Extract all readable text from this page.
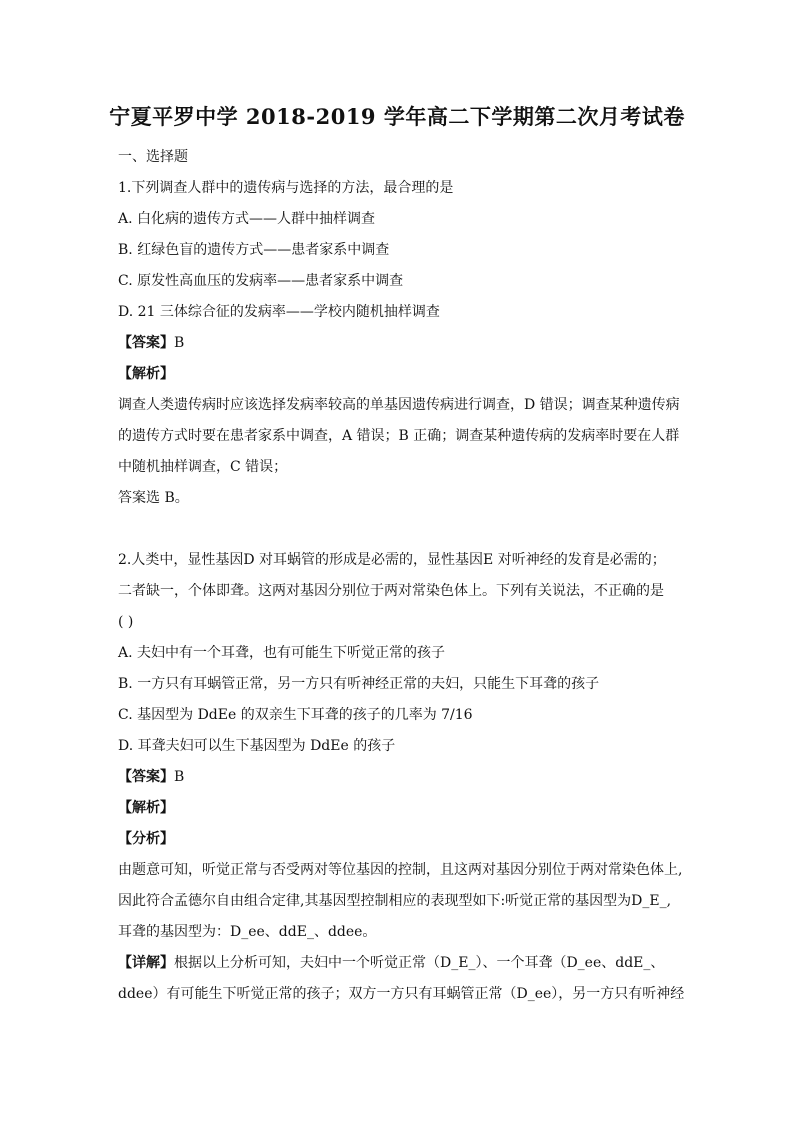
宁夏平罗中学 2018-2019 学年高二下学期第二次月考试卷
一、选择题
1.下列调查人群中的遗传病与选择的方法，最合理的是
A. 白化病的遗传方式——人群中抽样调查
B. 红绿色盲的遗传方式——患者家系中调查
C. 原发性高血压的发病率——患者家系中调查
D. 21 三体综合征的发病率——学校内随机抽样调查
【答案】B
【解析】
调查人类遗传病时应该选择发病率较高的单基因遗传病进行调查，D 错误；调查某种遗传病
的遗传方式时要在患者家系中调查，A 错误；B 正确；调查某种遗传病的发病率时要在人群
中随机抽样调查，C 错误；
答案选 B。
2.人类中，显性基因D 对耳蜗管的形成是必需的，显性基因E 对听神经的发育是必需的；
二者缺一，个体即聋。这两对基因分别位于两对常染色体上。下列有关说法，不正确的是
( )
A. 夫妇中有一个耳聋，也有可能生下听觉正常的孩子
B. 一方只有耳蜗管正常，另一方只有听神经正常的夫妇，只能生下耳聋的孩子
C. 基因型为 DdEe 的双亲生下耳聋的孩子的几率为 7/16
D. 耳聋夫妇可以生下基因型为 DdEe 的孩子
【答案】B
【解析】
【分析】
由题意可知，听觉正常与否受两对等位基因的控制，且这两对基因分别位于两对常染色体上,
因此符合孟德尔自由组合定律,其基因型控制相应的表现型如下:听觉正常的基因型为D_E_,
耳聋的基因型为：D_ee、ddE_、ddee。
【详解】根据以上分析可知，夫妇中一个听觉正常（D_E_）、一个耳聋（D_ee、ddE_、
ddee）有可能生下听觉正常的孩子；双方一方只有耳蜗管正常（D_ee），另一方只有听神经
